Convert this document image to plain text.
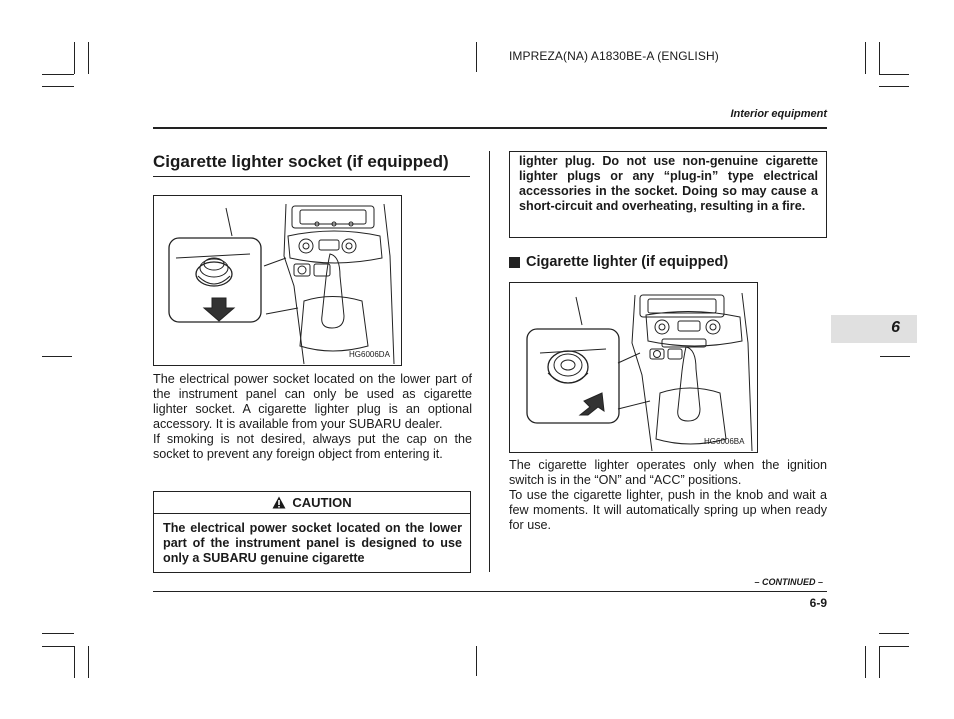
IMPREZA(NA) A1830BE-A (ENGLISH)
Interior equipment
6
Cigarette lighter socket (if equipped)
HG6006DA

The electrical power socket located on the lower part of the instrument panel can only be used as cigarette lighter socket. A cigarette lighter plug is an optional accessory. It is available from your SUBARU dealer.

If smoking is not desired, always put the cap on the socket to prevent any foreign object from entering it.

CAUTION
The electrical power socket located on the lower part of the instrument panel is designed to use only a SUBARU genuine cigarette
lighter plug. Do not use non-genuine cigarette lighter plugs or any “plug-in” type electrical accessories in the socket. Doing so may cause a short-circuit and overheating, resulting in a fire.
Cigarette lighter (if equipped)
HG6006BA

The cigarette lighter operates only when the ignition switch is in the “ON” and “ACC” positions.

To use the cigarette lighter, push in the knob and wait a few moments. It will automatically spring up when ready for use.

– CONTINUED –
6-9
